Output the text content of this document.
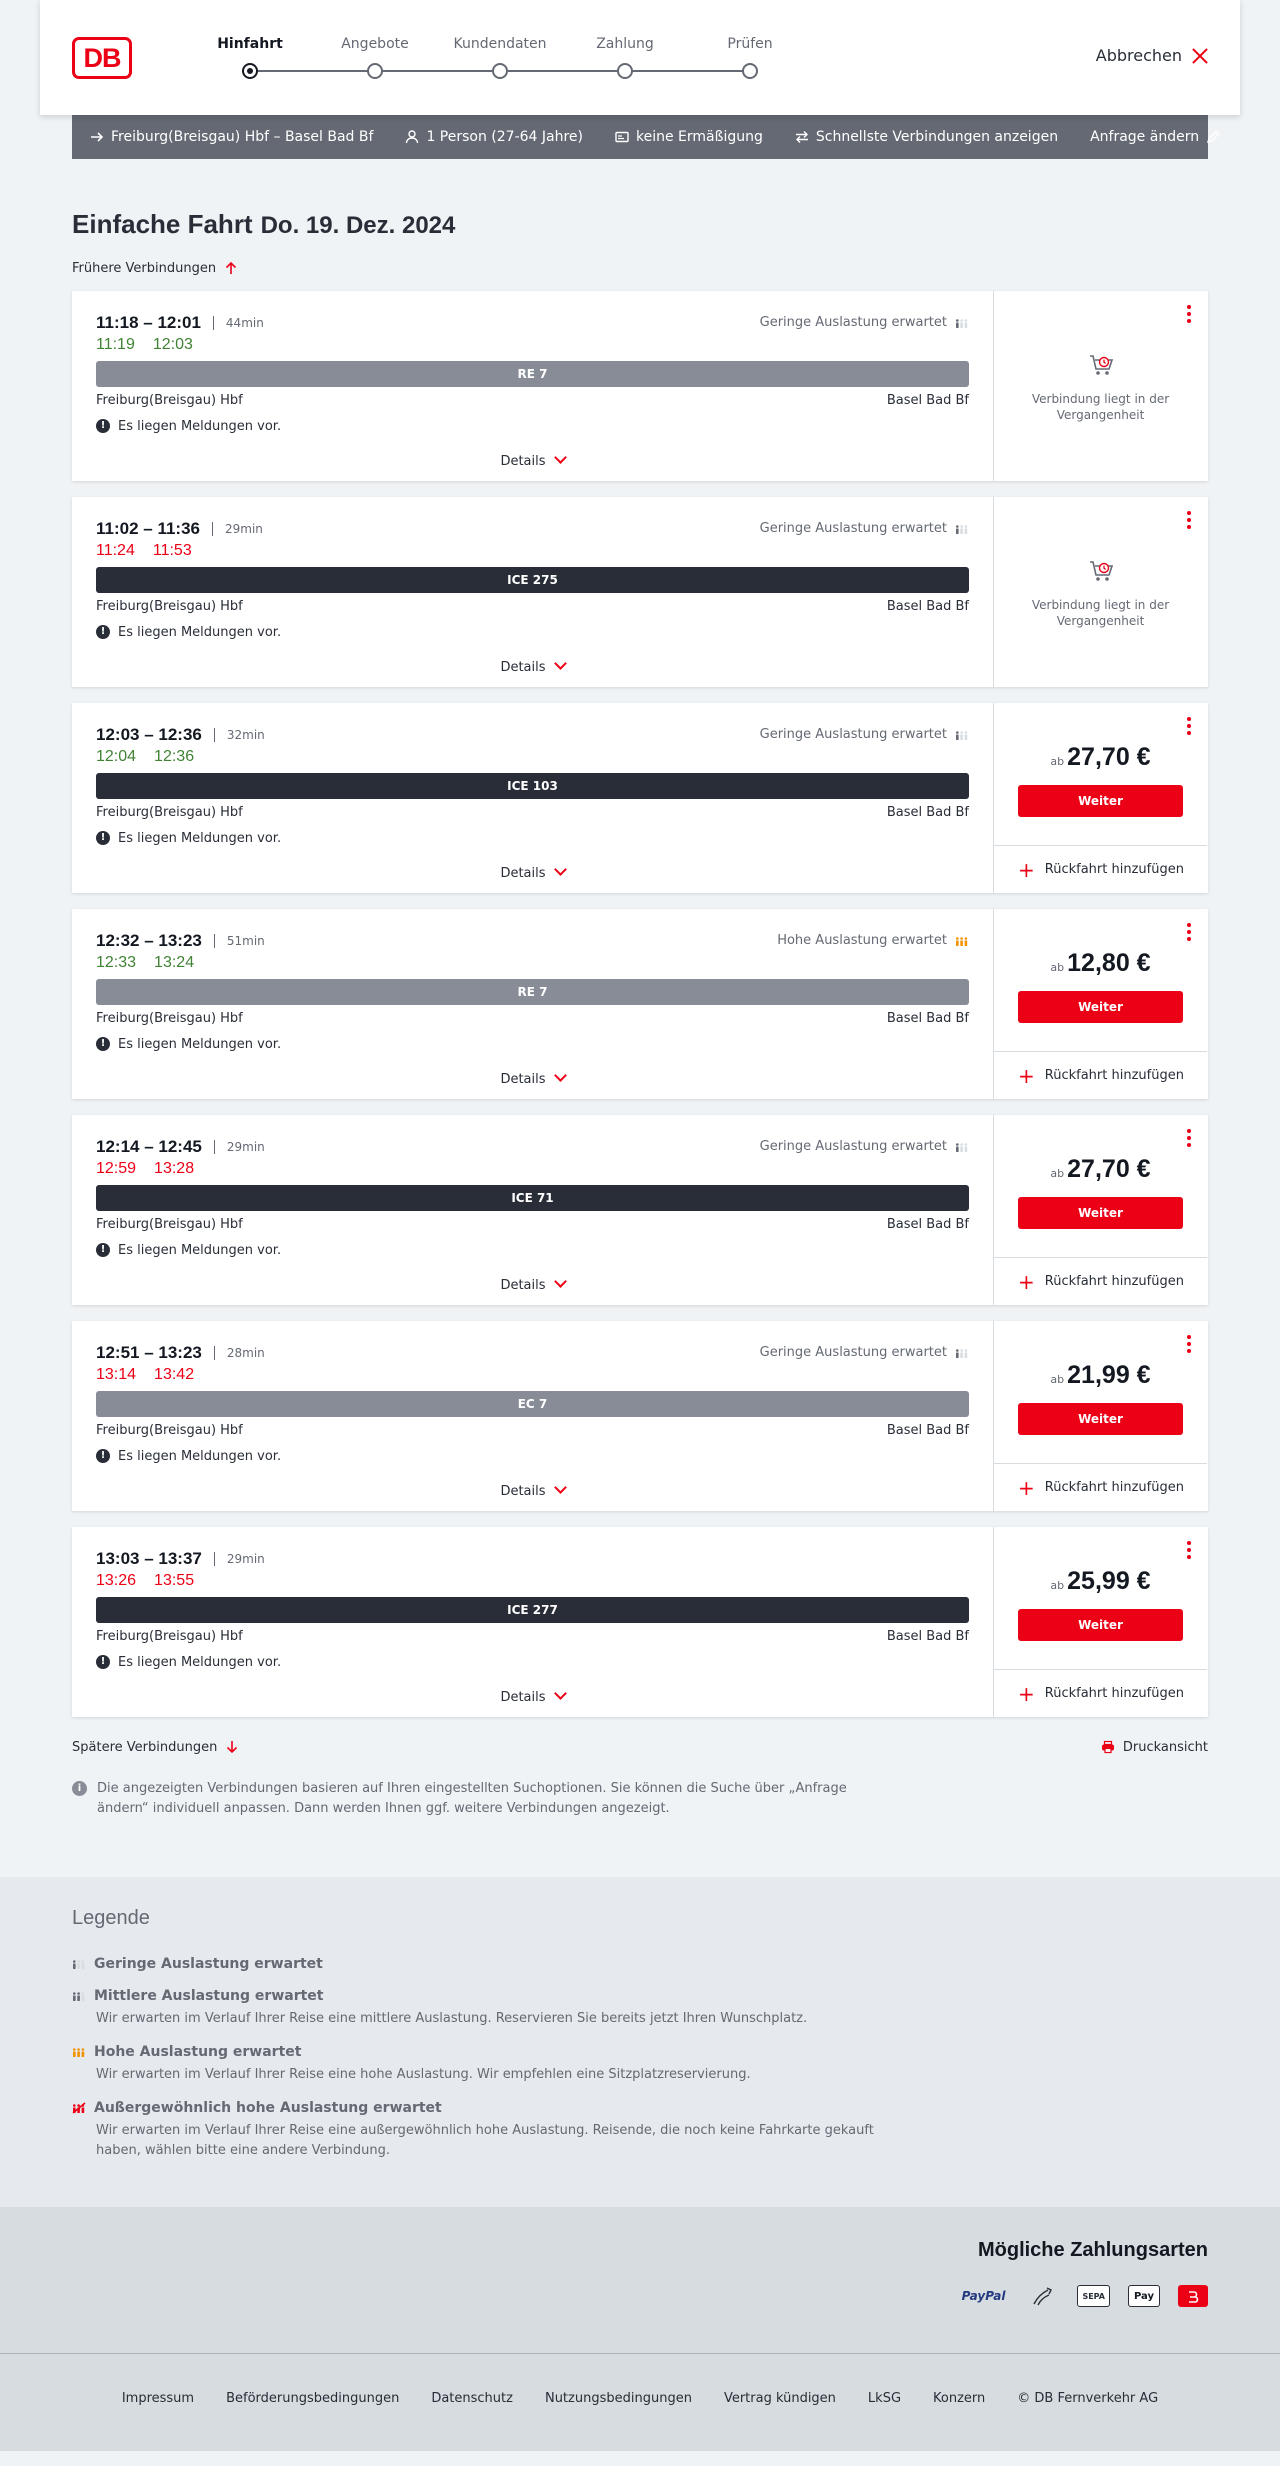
DB	Hinfahrt	Angebote	Kundendaten	Zahlung	Prüfen
Abbrechen
Freiburg(Breisgau) Hbf – Basel Bad Bf	1 Person (27-64 Jahre)	keine Ermäßigung	Schnellste Verbindungen anzeigen Anfrage ändern
Einfache Fahrt Do. 19. Dez. 2024
Frühere Verbindungen
11:18 – 12:01 44min	Geringe Auslastung erwartet
11:19 12:03
RE 7
Freiburg(Breisgau) Hbf	Basel Bad Bf
! Es liegen Meldungen vor.
Details
Verbindung liegt in der Vergangenheit
11:02 – 11:36 29min	Geringe Auslastung erwartet
11:24 11:53
ICE 275
Freiburg(Breisgau) Hbf	Basel Bad Bf
! Es liegen Meldungen vor.
Details
Verbindung liegt in der Vergangenheit
12:03 – 12:36 32min	Geringe Auslastung erwartet
12:04 12:36
ICE 103
Freiburg(Breisgau) Hbf	Basel Bad Bf
! Es liegen Meldungen vor.
Details
ab 27,70 €
Weiter
+ Rückfahrt hinzufügen
12:32 – 13:23 51min	Hohe Auslastung erwartet
12:33 13:24
RE 7
Freiburg(Breisgau) Hbf	Basel Bad Bf
! Es liegen Meldungen vor.
Details
ab 12,80 €
Weiter
+ Rückfahrt hinzufügen
12:14 – 12:45 29min	Geringe Auslastung erwartet
12:59 13:28
ICE 71
Freiburg(Breisgau) Hbf	Basel Bad Bf
! Es liegen Meldungen vor.
Details
ab 27,70 €
Weiter
+ Rückfahrt hinzufügen
12:51 – 13:23 28min	Geringe Auslastung erwartet
13:14 13:42
EC 7
Freiburg(Breisgau) Hbf	Basel Bad Bf
! Es liegen Meldungen vor.
Details
ab 21,99 €
Weiter
+ Rückfahrt hinzufügen
13:03 – 13:37 29min
13:26 13:55
ICE 277
Freiburg(Breisgau) Hbf	Basel Bad Bf
! Es liegen Meldungen vor.
Details
ab 25,99 €
Weiter
+ Rückfahrt hinzufügen
Spätere Verbindungen	Druckansicht
i	Die angezeigten Verbindungen basieren auf Ihren eingestellten Suchoptionen. Sie können die Suche über „Anfrage ändern“ individuell anpassen. Dann werden Ihnen ggf. weitere Verbindungen angezeigt.
Legende
Geringe Auslastung erwartet
Mittlere Auslastung erwartet
Wir erwarten im Verlauf Ihrer Reise eine mittlere Auslastung. Reservieren Sie bereits jetzt Ihren Wunschplatz.
Hohe Auslastung erwartet
Wir erwarten im Verlauf Ihrer Reise eine hohe Auslastung. Wir empfehlen eine Sitzplatzreservierung.
Außergewöhnlich hohe Auslastung erwartet
Wir erwarten im Verlauf Ihrer Reise eine außergewöhnlich hohe Auslastung. Reisende, die noch keine Fahrkarte gekauft haben, wählen bitte eine andere Verbindung.
Mögliche Zahlungsarten
PayPal	SEPA	Pay
Impressum Beförderungsbedingungen Datenschutz Nutzungsbedingungen Vertrag kündigen LkSG Konzern © DB Fernverkehr AG
